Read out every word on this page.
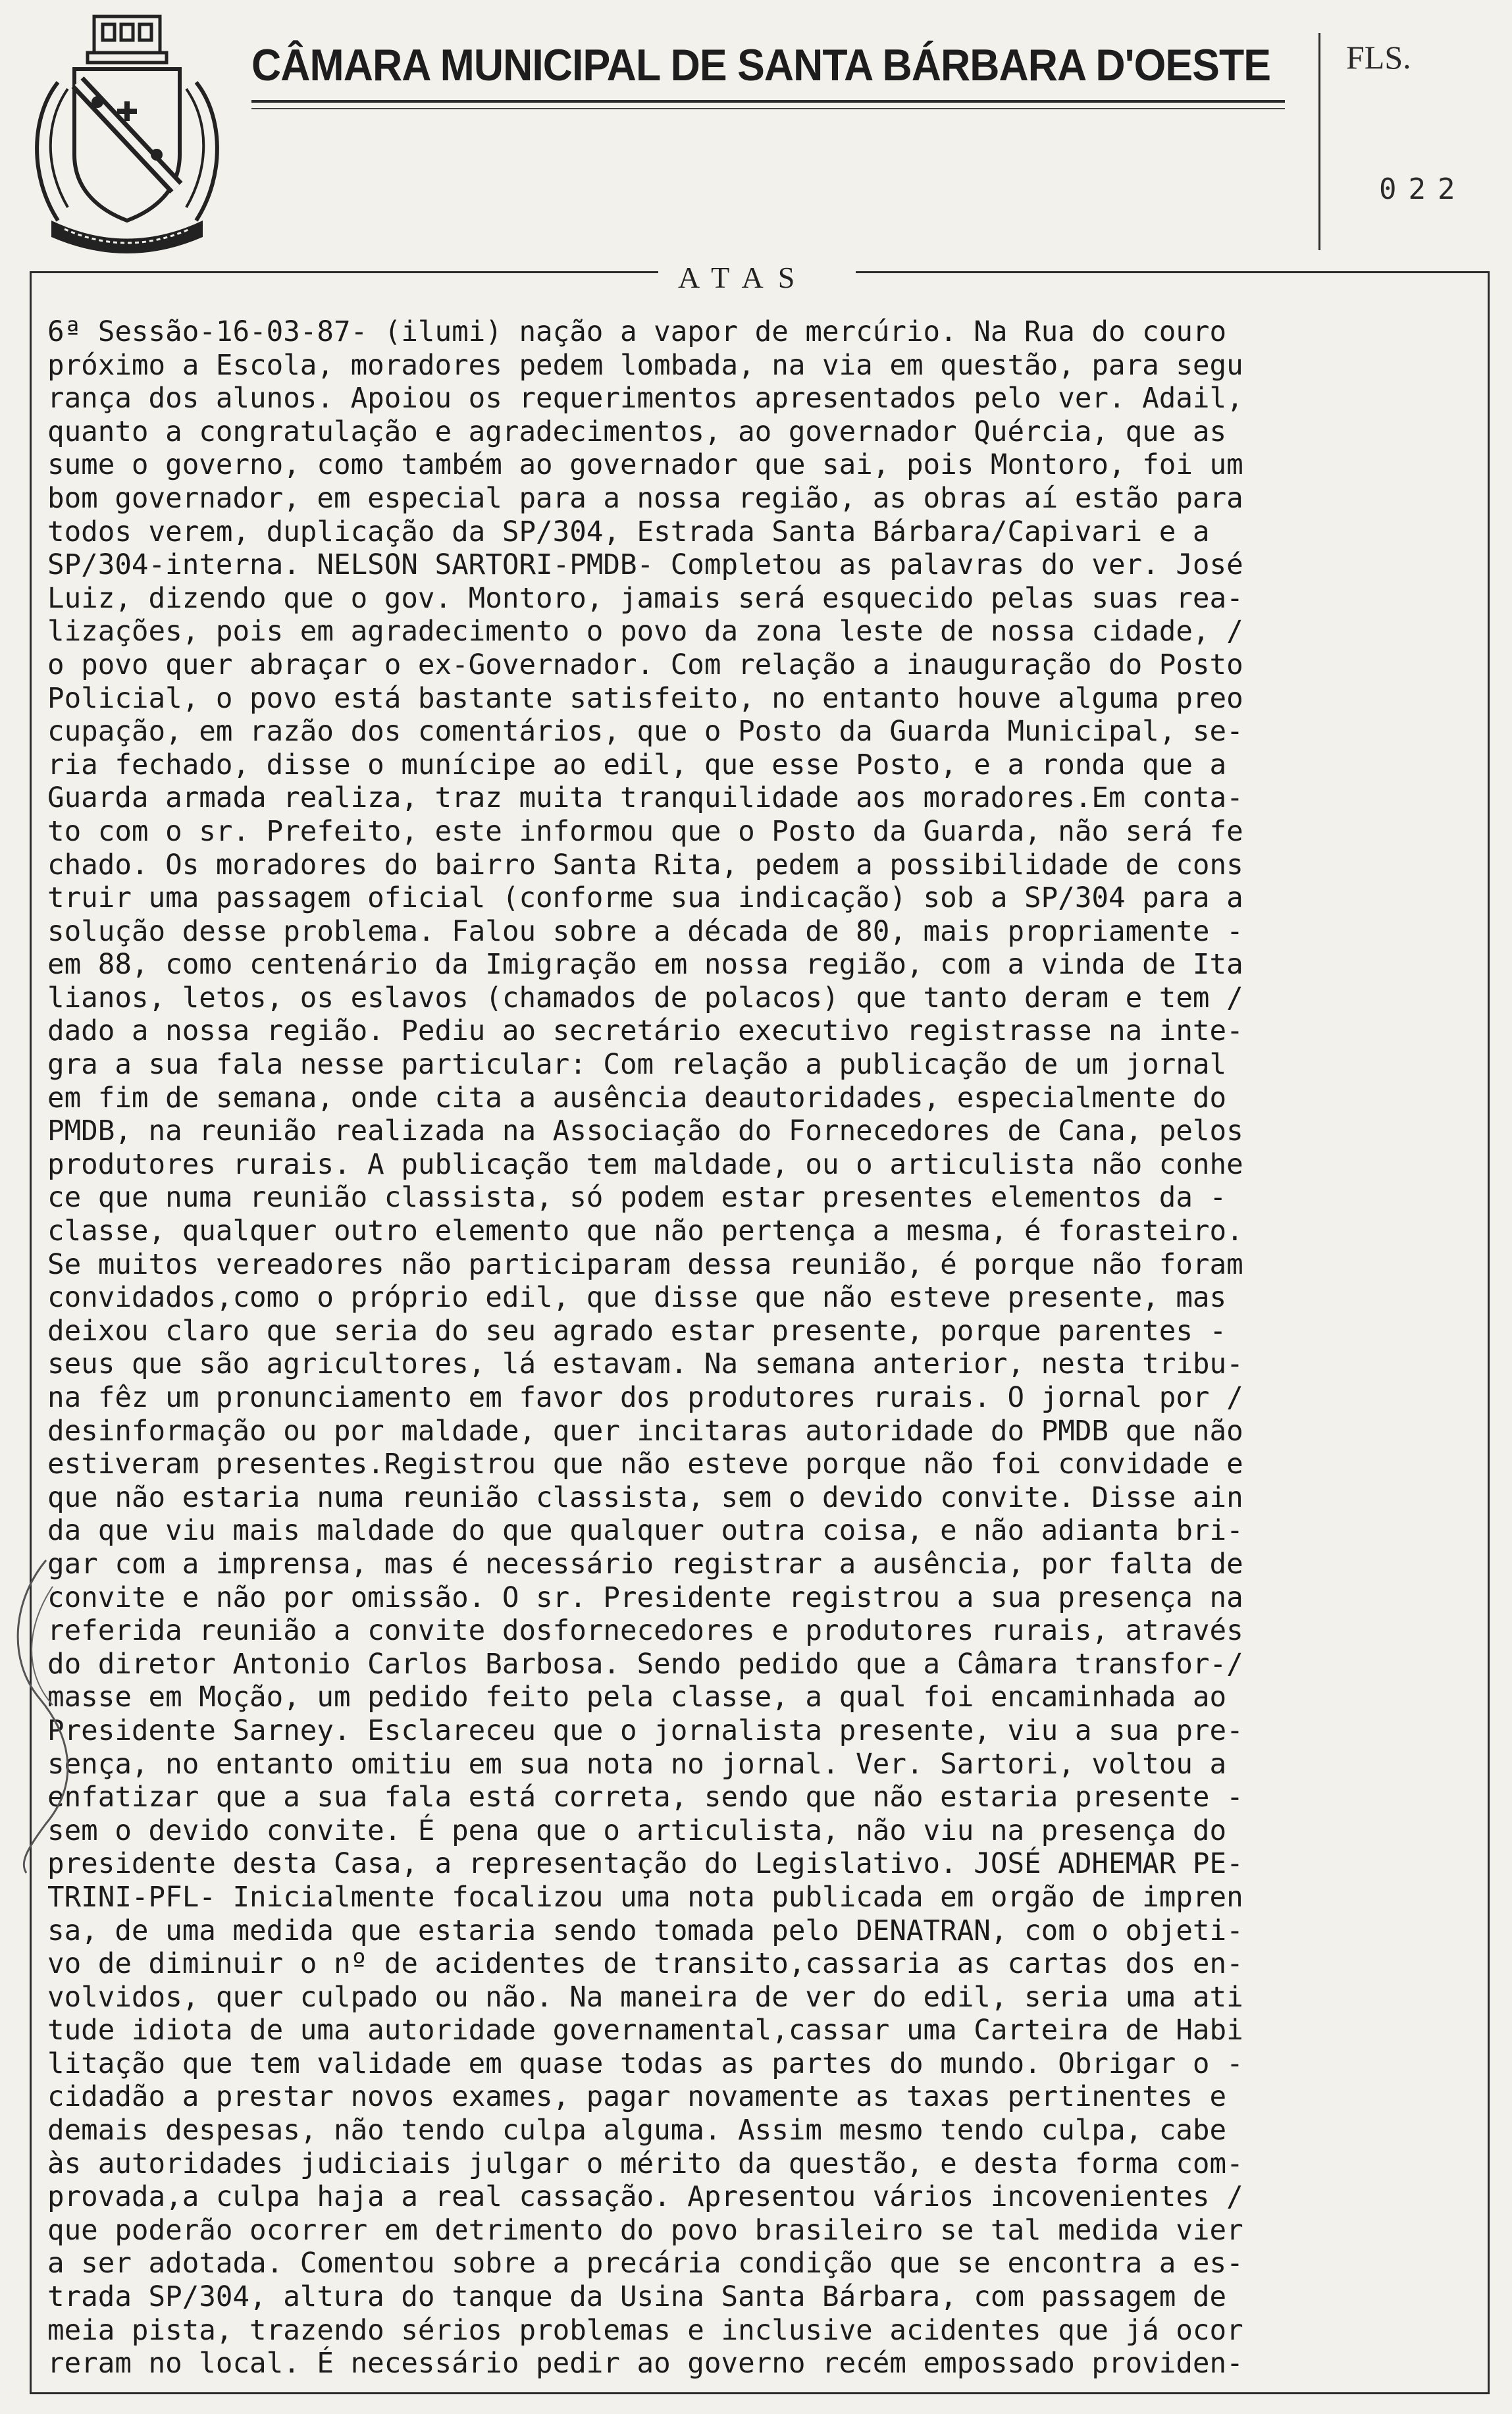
CÂMARA MUNICIPAL DE SANTA BÁRBARA D'OESTE FLS.
022
ATAS
6ª Sessão-16-03-87- (ilumi) nação a vapor de mercúrio. Na Rua do couro
próximo a Escola, moradores pedem lombada, na via em questão, para segu
rança dos alunos. Apoiou os requerimentos apresentados pelo ver. Adail,
quanto a congratulação e agradecimentos, ao governador Quércia, que as
sume o governo, como também ao governador que sai, pois Montoro, foi um
bom governador, em especial para a nossa região, as obras aí estão para
todos verem, duplicação da SP/304, Estrada Santa Bárbara/Capivari e a
SP/304-interna. NELSON SARTORI-PMDB- Completou as palavras do ver. José
Luiz, dizendo que o gov. Montoro, jamais será esquecido pelas suas rea-
lizações, pois em agradecimento o povo da zona leste de nossa cidade, /
o povo quer abraçar o ex-Governador. Com relação a inauguração do Posto
Policial, o povo está bastante satisfeito, no entanto houve alguma preo
cupação, em razão dos comentários, que o Posto da Guarda Municipal, se-
ria fechado, disse o munícipe ao edil, que esse Posto, e a ronda que a
Guarda armada realiza, traz muita tranquilidade aos moradores.Em conta-
to com o sr. Prefeito, este informou que o Posto da Guarda, não será fe
chado. Os moradores do bairro Santa Rita, pedem a possibilidade de cons
truir uma passagem oficial (conforme sua indicação) sob a SP/304 para a
solução desse problema. Falou sobre a década de 80, mais propriamente -
em 88, como centenário da Imigração em nossa região, com a vinda de Ita
lianos, letos, os eslavos (chamados de polacos) que tanto deram e tem /
dado a nossa região. Pediu ao secretário executivo registrasse na inte-
gra a sua fala nesse particular: Com relação a publicação de um jornal
em fim de semana, onde cita a ausência deautoridades, especialmente do
PMDB, na reunião realizada na Associação do Fornecedores de Cana, pelos
produtores rurais. A publicação tem maldade, ou o articulista não conhe
ce que numa reunião classista, só podem estar presentes elementos da -
classe, qualquer outro elemento que não pertença a mesma, é forasteiro.
Se muitos vereadores não participaram dessa reunião, é porque não foram
convidados,como o próprio edil, que disse que não esteve presente, mas
deixou claro que seria do seu agrado estar presente, porque parentes -
seus que são agricultores, lá estavam. Na semana anterior, nesta tribu-
na fêz um pronunciamento em favor dos produtores rurais. O jornal por /
desinformação ou por maldade, quer incitaras autoridade do PMDB que não
estiveram presentes.Registrou que não esteve porque não foi convidade e
que não estaria numa reunião classista, sem o devido convite. Disse ain
da que viu mais maldade do que qualquer outra coisa, e não adianta bri-
gar com a imprensa, mas é necessário registrar a ausência, por falta de
convite e não por omissão. O sr. Presidente registrou a sua presença na
referida reunião a convite dosfornecedores e produtores rurais, através
do diretor Antonio Carlos Barbosa. Sendo pedido que a Câmara transfor-/
masse em Moção, um pedido feito pela classe, a qual foi encaminhada ao
Presidente Sarney. Esclareceu que o jornalista presente, viu a sua pre-
sença, no entanto omitiu em sua nota no jornal. Ver. Sartori, voltou a
enfatizar que a sua fala está correta, sendo que não estaria presente -
sem o devido convite. É pena que o articulista, não viu na presença do
presidente desta Casa, a representação do Legislativo. JOSÉ ADHEMAR PE-
TRINI-PFL- Inicialmente focalizou uma nota publicada em orgão de impren
sa, de uma medida que estaria sendo tomada pelo DENATRAN, com o objeti-
vo de diminuir o nº de acidentes de transito,cassaria as cartas dos en-
volvidos, quer culpado ou não. Na maneira de ver do edil, seria uma ati
tude idiota de uma autoridade governamental,cassar uma Carteira de Habi
litação que tem validade em quase todas as partes do mundo. Obrigar o -
cidadão a prestar novos exames, pagar novamente as taxas pertinentes e
demais despesas, não tendo culpa alguma. Assim mesmo tendo culpa, cabe
às autoridades judiciais julgar o mérito da questão, e desta forma com-
provada,a culpa haja a real cassação. Apresentou vários incovenientes /
que poderão ocorrer em detrimento do povo brasileiro se tal medida vier
a ser adotada. Comentou sobre a precária condição que se encontra a es-
trada SP/304, altura do tanque da Usina Santa Bárbara, com passagem de
meia pista, trazendo sérios problemas e inclusive acidentes que já ocor
reram no local. É necessário pedir ao governo recém empossado providen-
